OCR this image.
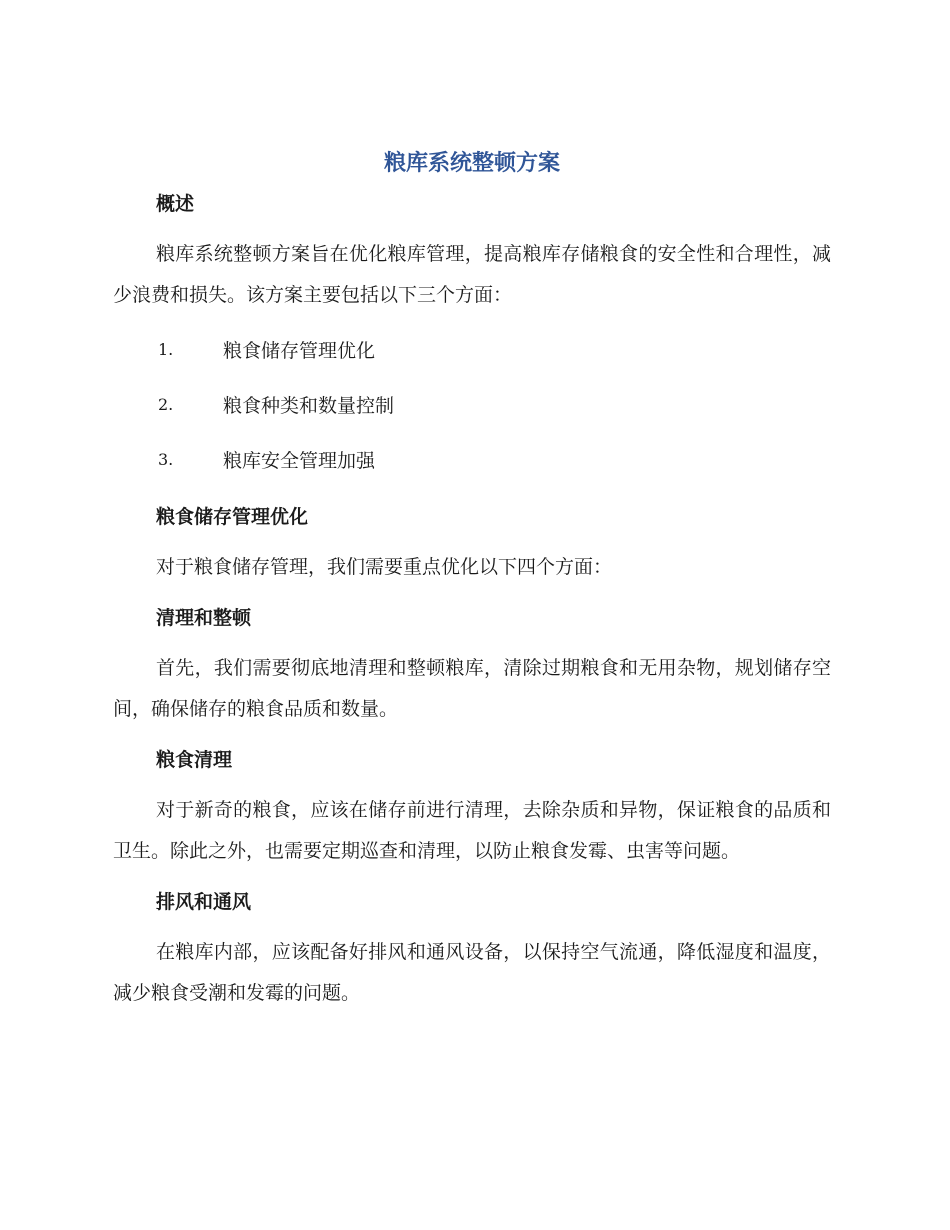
粮库系统整顿方案
概述

粮库系统整顿方案旨在优化粮库管理，提高粮库存储粮食的安全性和合理性，减少浪费和损失。该方案主要包括以下三个方面：

1.	粮食储存管理优化
2.	粮食种类和数量控制
3.	粮库安全管理加强
粮食储存管理优化

对于粮食储存管理，我们需要重点优化以下四个方面：

清理和整顿

首先，我们需要彻底地清理和整顿粮库，清除过期粮食和无用杂物，规划储存空间，确保储存的粮食品质和数量。

粮食清理

对于新奇的粮食，应该在储存前进行清理，去除杂质和异物，保证粮食的品质和卫生。除此之外，也需要定期巡查和清理，以防止粮食发霉、虫害等问题。

排风和通风

在粮库内部，应该配备好排风和通风设备，以保持空气流通，降低湿度和温度，减少粮食受潮和发霉的问题。
